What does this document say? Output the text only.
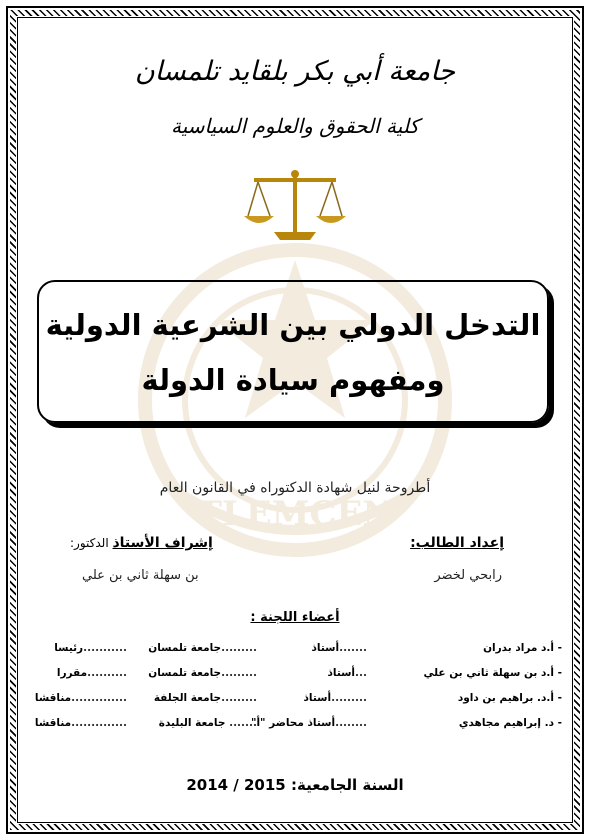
TLEMCEN
جامعة أبي بكر بلقايد تلمسان
كلية الحقوق والعلوم السياسية
التدخل الدولي بين الشرعية الدولية
ومفهوم سيادة الدولة
أطروحة لنيل شهادة الدكتوراه في القانون العام
إعداد الطالب:
إشراف الأستاذ الدكتور:
رابحي لخضر
بن سهلة ثاني بن علي
أعضاء اللجنة :
- أ.د مراد بدران
.......أستاذ
.........جامعة تلمسان
...........رئيسا
- أ.د بن سهلة ثاني بن علي
...أستاذ
.........جامعة تلمسان
..........مقررا
- أ.د. براهيم بن داود
.........أستاذ
.........جامعة الجلفة
..............مناقشا
- د. إبراهيم مجاهدي
........أستاذ محاضر "أ"
....... جامعة البليدة
..............مناقشا
السنة الجامعية: 2014 / 2015
